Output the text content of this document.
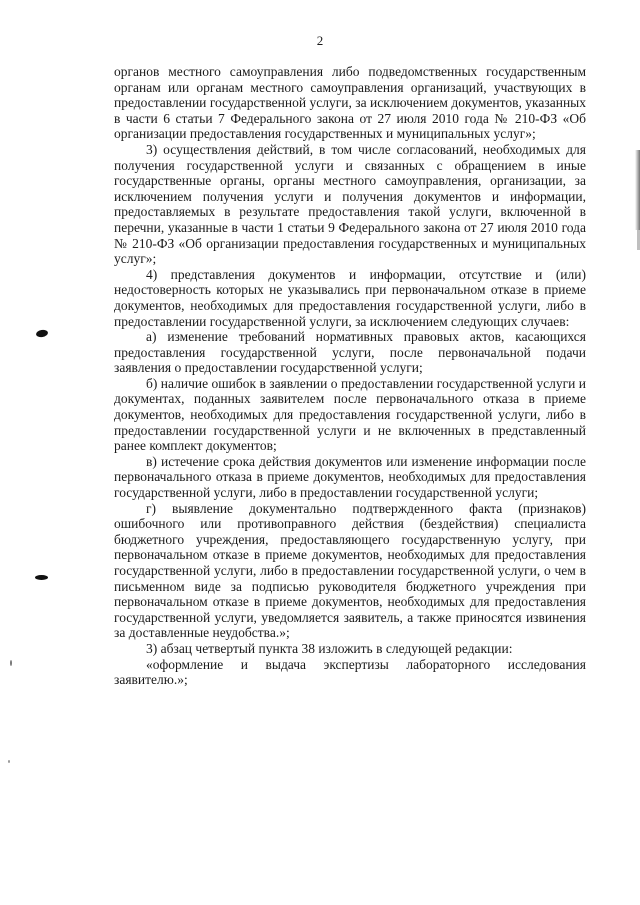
2

органов местного самоуправления либо подведомственных государственным органам или органам местного самоуправления организаций, участвующих в предоставлении государственной услуги, за исключением документов, указанных в части 6 статьи 7 Федерального закона от 27 июля 2010 года № 210-ФЗ «Об организации предоставления государственных и муниципальных услуг»;

3) осуществления действий, в том числе согласований, необходимых для получения государственной услуги и связанных с обращением в иные государственные органы, органы местного самоуправления, организации, за исключением получения услуги и получения документов и информации, предоставляемых в результате предоставления такой услуги, включенной в перечни, указанные в части 1 статьи 9 Федерального закона от 27 июля 2010 года № 210-ФЗ «Об организации предоставления государственных и муниципальных услуг»;

4) представления документов и информации, отсутствие и (или) недостоверность которых не указывались при первоначальном отказе в приеме документов, необходимых для предоставления государственной услуги, либо в предоставлении государственной услуги, за исключением следующих случаев:

а) изменение требований нормативных правовых актов, касающихся предоставления государственной услуги, после первоначальной подачи заявления о предоставлении государственной услуги;

б) наличие ошибок в заявлении о предоставлении государственной услуги и документах, поданных заявителем после первоначального отказа в приеме документов, необходимых для предоставления государственной услуги, либо в предоставлении государственной услуги и не включенных в представленный ранее комплект документов;

в) истечение срока действия документов или изменение информации после первоначального отказа в приеме документов, необходимых для предоставления государственной услуги, либо в предоставлении государственной услуги;

г) выявление документально подтвержденного факта (признаков) ошибочного или противоправного действия (бездействия) специалиста бюджетного учреждения, предоставляющего государственную услугу, при первоначальном отказе в приеме документов, необходимых для предоставления государственной услуги, либо в предоставлении государственной услуги, о чем в письменном виде за подписью руководителя бюджетного учреждения при первоначальном отказе в приеме документов, необходимых для предоставления государственной услуги, уведомляется заявитель, а также приносятся извинения за доставленные неудобства.»;

3) абзац четвертый пункта 38 изложить в следующей редакции:

«оформление и выдача экспертизы лабораторного исследования заявителю.»;
